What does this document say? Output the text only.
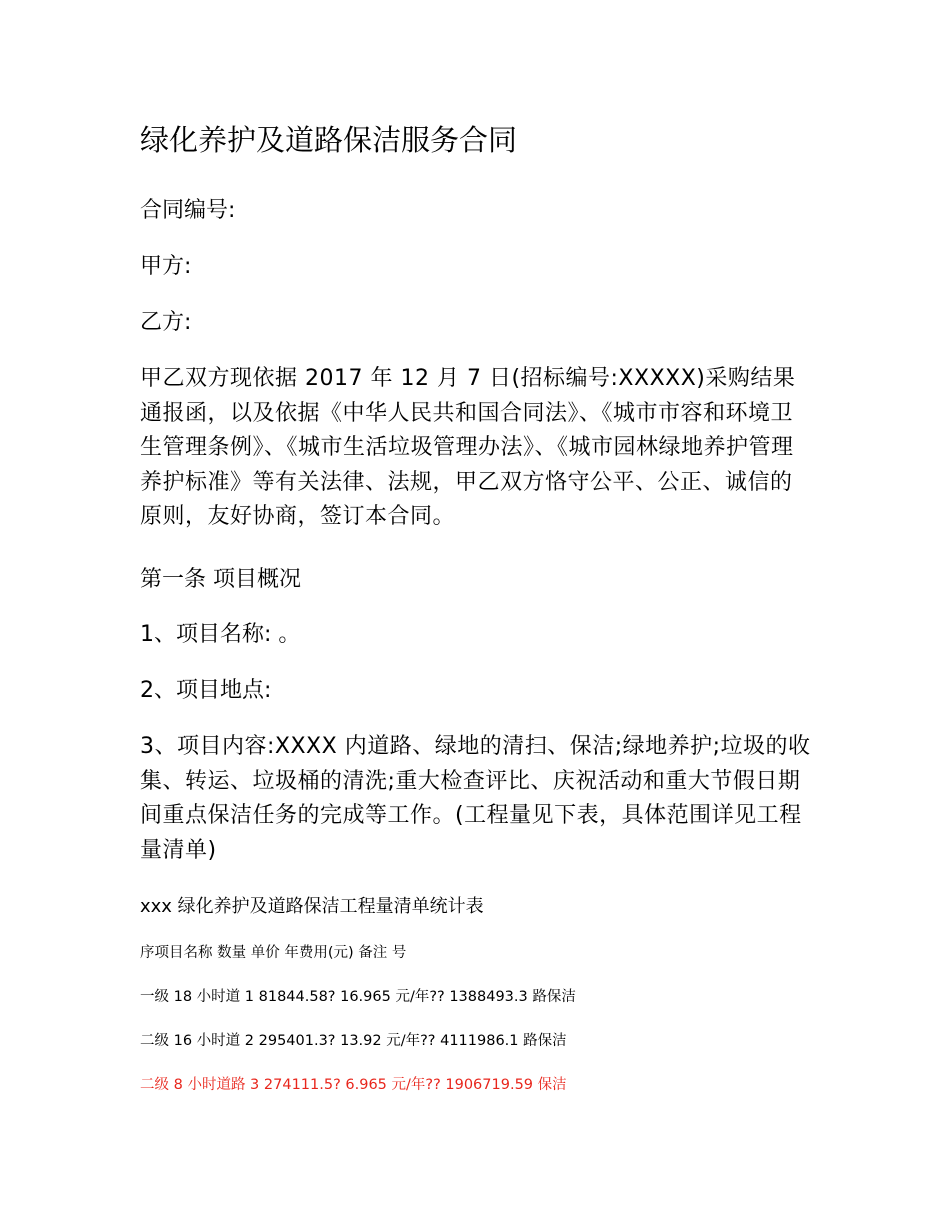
绿化养护及道路保洁服务合同
合同编号:
甲方:
乙方:
甲乙双方现依据 2017 年 12 月 7 日(招标编号:XXXXX)采购结果通报函，以及依据《中华人民共和国合同法》、《城市市容和环境卫生管理条例》、《城市生活垃圾管理办法》、《城市园林绿地养护管理养护标准》等有关法律、法规，甲乙双方恪守公平、公正、诚信的原则，友好协商，签订本合同。
第一条 项目概况
1、项目名称: 。
2、项目地点:
3、项目内容:XXXX 内道路、绿地的清扫、保洁;绿地养护;垃圾的收集、转运、垃圾桶的清洗;重大检查评比、庆祝活动和重大节假日期间重点保洁任务的完成等工作。(工程量见下表，具体范围详见工程量清单)
xxx 绿化养护及道路保洁工程量清单统计表
序项目名称 数量 单价 年费用(元) 备注 号
一级 18 小时道 1 81844.58? 16.965 元/年?? 1388493.3 路保洁
二级 16 小时道 2 295401.3? 13.92 元/年?? 4111986.1 路保洁
二级 8 小时道路 3 274111.5? 6.965 元/年?? 1906719.59 保洁
